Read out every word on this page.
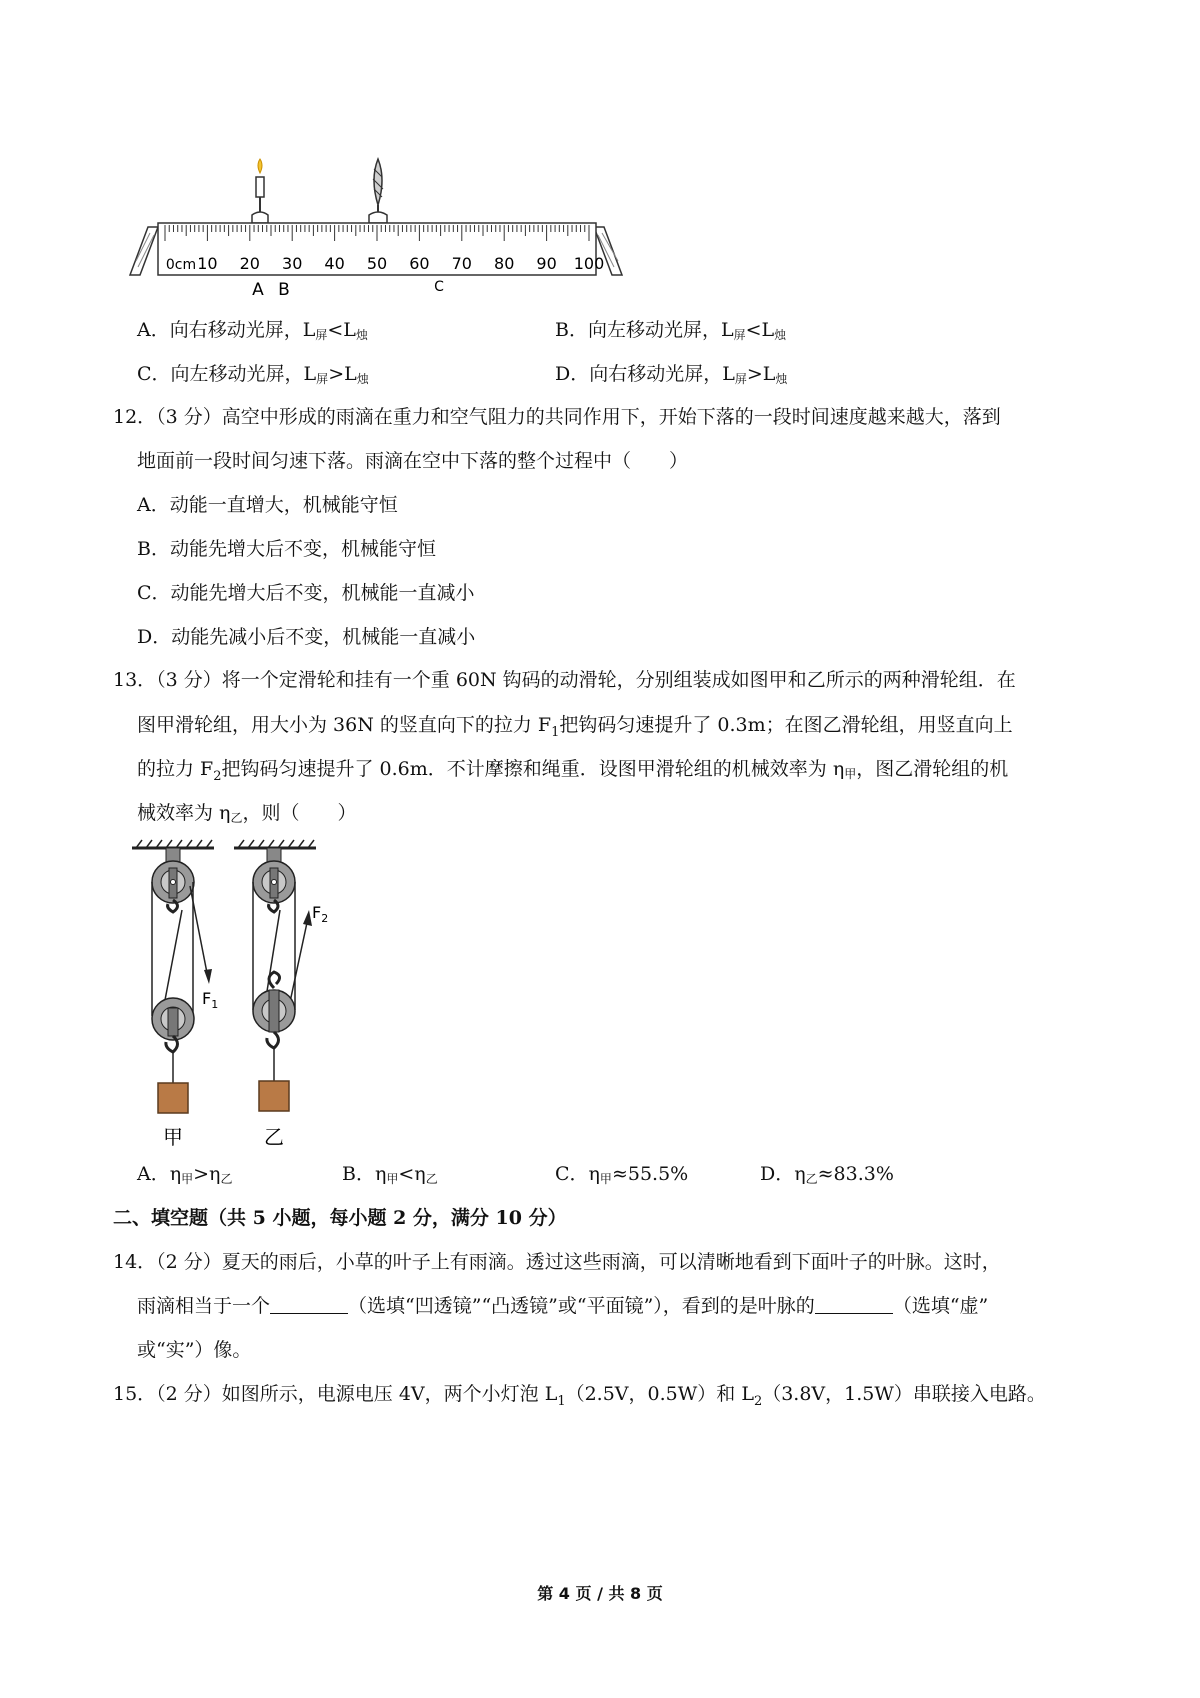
0cm 10 20 30 40 50 60 70 80 90 100
A B	C
A．向右移动光屏，$L_屏<L_烛$	B．向左移动光屏，$L_屏<L_烛$
C．向左移动光屏，$L_屏>L_烛$	D．向右移动光屏，$L_屏>L_烛$
12．（3 分）高空中形成的雨滴在重力和空气阻力的共同作用下，开始下落的一段时间速度越来越大，落到
地面前一段时间匀速下落。雨滴在空中下落的整个过程中（　　）
A．动能一直增大，机械能守恒
B．动能先增大后不变，机械能守恒
C．动能先增大后不变，机械能一直减小
D．动能先减小后不变，机械能一直减小
13．（3 分）将一个定滑轮和挂有一个重 60N 钩码的动滑轮，分别组装成如图甲和乙所示的两种滑轮组．在
图甲滑轮组，用大小为 36N 的竖直向下的拉力 $F_1$把钩码匀速提升了 0.3m；在图乙滑轮组，用竖直向上
的拉力 $F_2$把钩码匀速提升了 0.6m．不计摩擦和绳重．设图甲滑轮组的机械效率为 $\eta_甲$，图乙滑轮组的机
械效率为 $\eta_乙$，则（　　）
$F_1$
甲
$F_2$
乙
A．$\eta_甲>\eta_乙$	B．$\eta_甲<\eta_乙$	C．$\eta_甲\approx 55.5\%$	D．$\eta_乙\approx 83.3\%$
二、填空题（共 5 小题，每小题 2 分，满分 10 分）
14．（2 分）夏天的雨后，小草的叶子上有雨滴。透过这些雨滴，可以清晰地看到下面叶子的叶脉。这时，
雨滴相当于一个	（选填“凹透镜”“凸透镜”或“平面镜”），看到的是叶脉的	（选填“虚”
或“实”）像。
15．（2 分）如图所示，电源电压 4V，两个小灯泡 $L_1(2.5V$，0.5W）和 $L_2(3.8V$，1.5W）串联接入电路。
第 4 页 / 共 8 页
